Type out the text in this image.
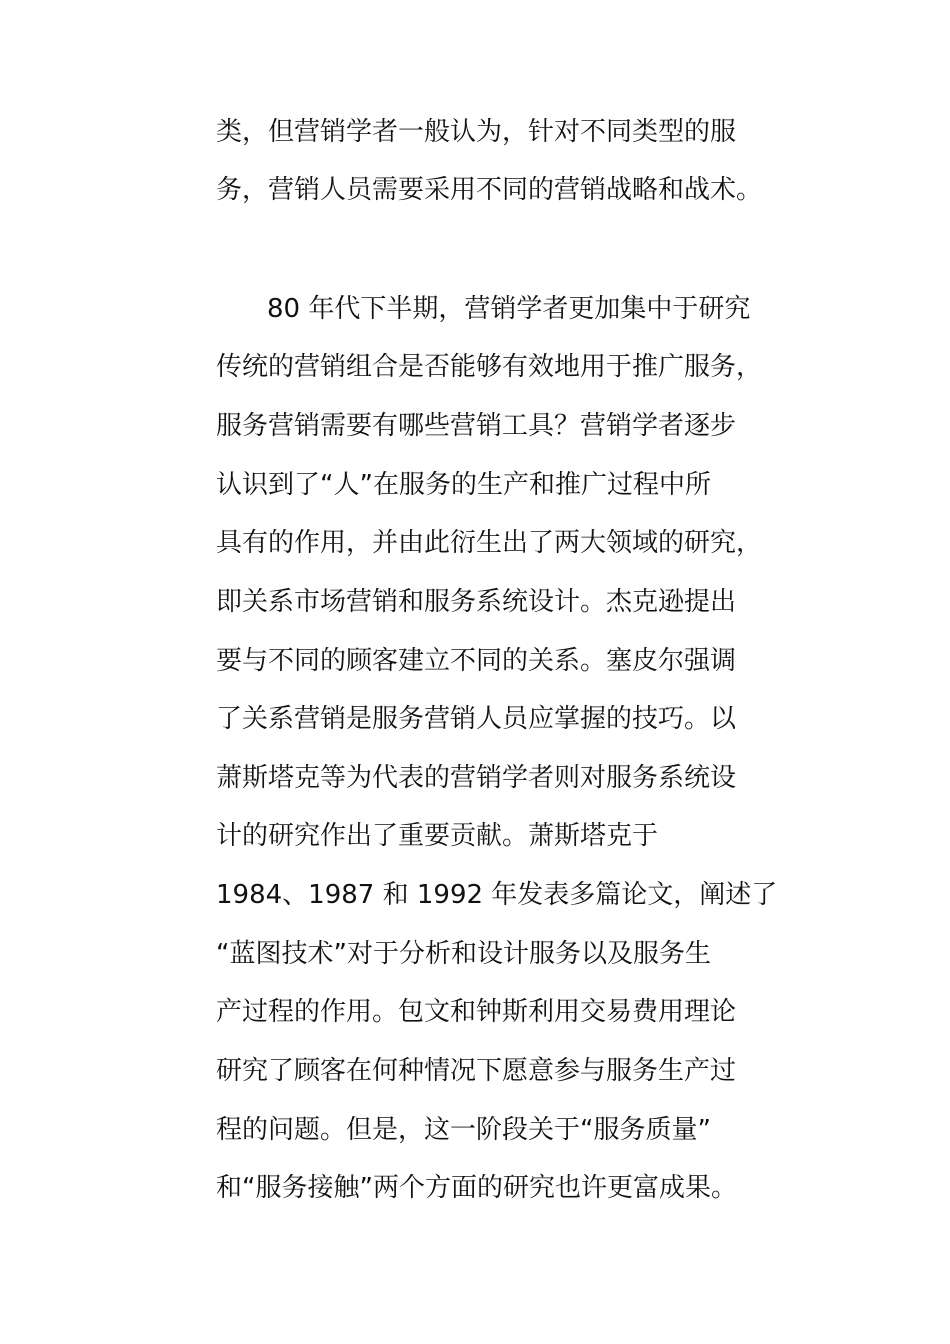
类，但营销学者一般认为，针对不同类型的服
务，营销人员需要采用不同的营销战略和战术。
80 年代下半期，营销学者更加集中于研究
传统的营销组合是否能够有效地用于推广服务，
服务营销需要有哪些营销工具？营销学者逐步
认识到了“人”在服务的生产和推广过程中所
具有的作用，并由此衍生出了两大领域的研究，
即关系市场营销和服务系统设计。杰克逊提出
要与不同的顾客建立不同的关系。塞皮尔强调
了关系营销是服务营销人员应掌握的技巧。以
萧斯塔克等为代表的营销学者则对服务系统设
计的研究作出了重要贡献。萧斯塔克于
1984、1987 和 1992 年发表多篇论文，阐述了
“蓝图技术”对于分析和设计服务以及服务生
产过程的作用。包文和钟斯利用交易费用理论
研究了顾客在何种情况下愿意参与服务生产过
程的问题。但是，这一阶段关于“服务质量”
和“服务接触”两个方面的研究也许更富成果。
